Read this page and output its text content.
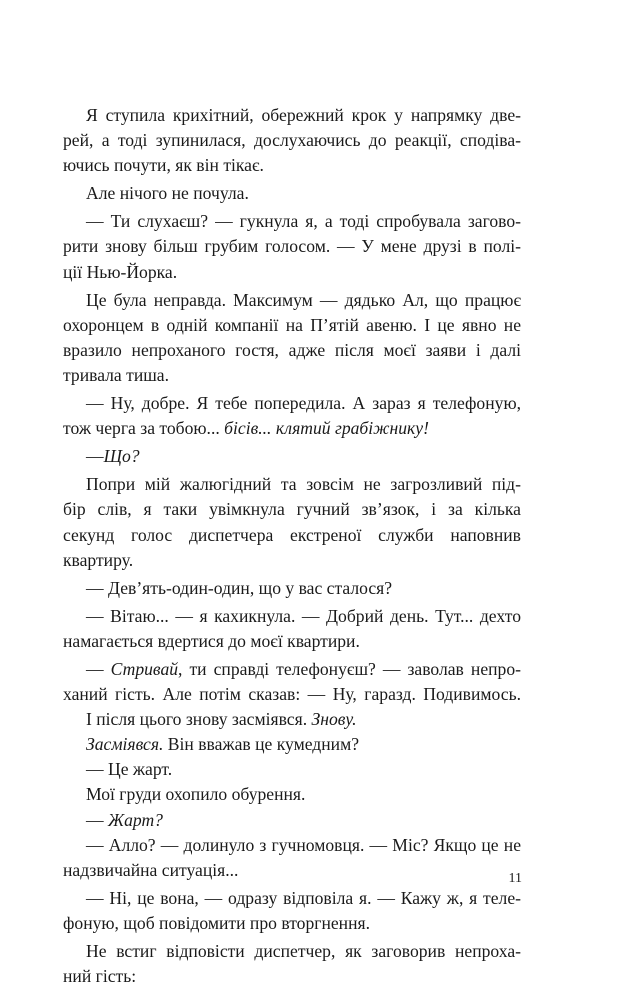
Я ступила крихітний, обережний крок у напрямку две-
рей, а тоді зупинилася, дослухаючись до реакції, сподіва-
ючись почути, як він тікає.
Але нічого не почула.
— Ти слухаєш? — гукнула я, а тоді спробувала загово-
рити знову більш грубим голосом. — У мене друзі в полі-
ції Нью-Йорка.
Це була неправда. Максимум — дядько Ал, що працює
охоронцем в одній компанії на П’ятій авеню. І це явно не
вразило непроханого гостя, адже після моєї заяви і далі
тривала тиша.
— Ну, добре. Я тебе попередила. А зараз я телефоную,
тож черга за тобою... бісів... клятий грабіжнику!
—Що?
Попри мій жалюгідний та зовсім не загрозливий під-
бір слів, я таки увімкнула гучний зв’язок, і за кілька
секунд голос диспетчера екстреної служби наповнив
квартиру.
— Дев’ять-один-один, що у вас сталося?
— Вітаю... — я кахикнула. — Добрий день. Тут... дехто
намагається вдертися до моєї квартири.
— Стривай, ти справді телефонуєш? — заволав непро-
ханий гість. Але потім сказав: — Ну, гаразд. Подивимось.
І після цього знову засміявся. Знову.
Засміявся. Він вважав це кумедним?
— Це жарт.
Мої груди охопило обурення.
— Жарт?
— Алло? — долинуло з гучномовця. — Міс? Якщо це не
надзвичайна ситуація...
— Ні, це вона, — одразу відповіла я. — Кажу ж, я теле-
фоную, щоб повідомити про вторгнення.
Не встиг відповісти диспетчер, як заговорив непроха-
ний гість:
11
